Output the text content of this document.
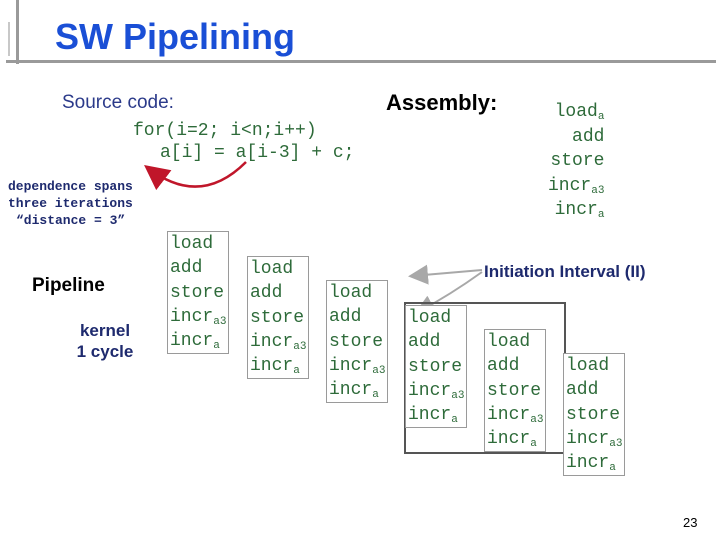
SW Pipelining
Source code:
for(i=2; i<n;i++)
a[i] = a[i-3] + c;
Assembly:	load$_a$
add
store
incr$_{a3}$
incr$_a$
dependence spans
three iterations
“distance = 3”
Pipeline
kernel
1 cycle
Initiation Interval (II)
load
add
store
incr$_{a3}$
incr$_a$
load
add
store
incr$_{a3}$
incr$_a$
load
add
store
incr$_{a3}$
incr$_a$
load
add
store
incr$_{a3}$
incr$_a$
load
add
store
incr$_{a3}$
incr$_a$
load
add
store
incr$_{a3}$
incr$_a$
23
